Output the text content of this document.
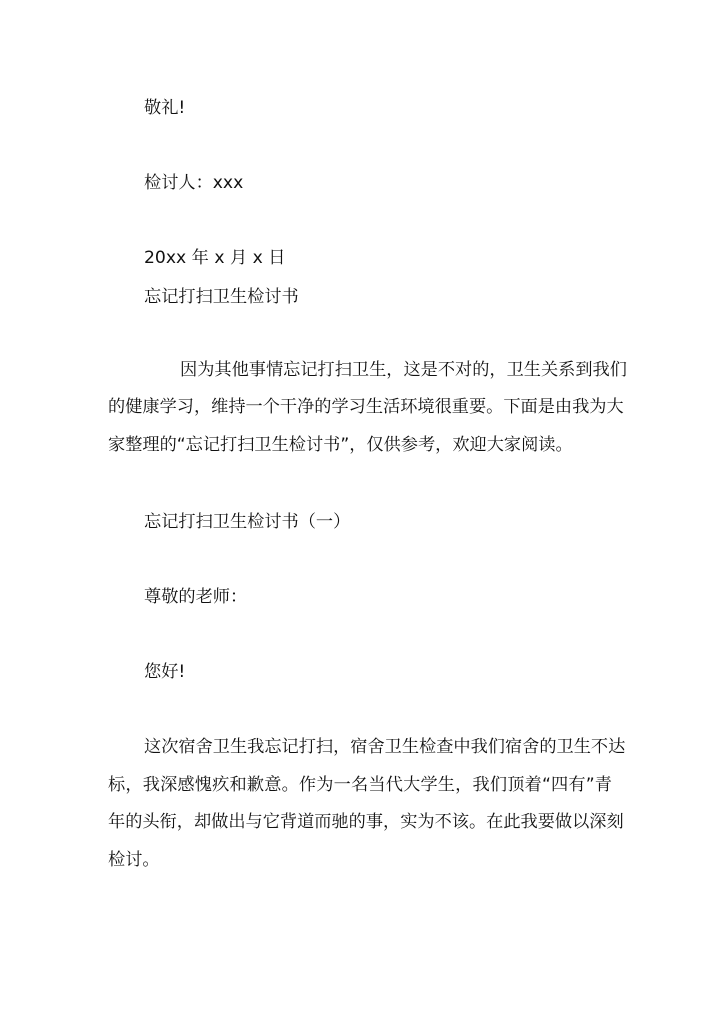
敬礼!
检讨人：xxx
20xx 年 x 月 x 日
忘记打扫卫生检讨书
因为其他事情忘记打扫卫生，这是不对的，卫生关系到我们
的健康学习，维持一个干净的学习生活环境很重要。下面是由我为大
家整理的“忘记打扫卫生检讨书”，仅供参考，欢迎大家阅读。
忘记打扫卫生检讨书（一）
尊敬的老师：
您好!
这次宿舍卫生我忘记打扫，宿舍卫生检查中我们宿舍的卫生不达
标，我深感愧疚和歉意。作为一名当代大学生，我们顶着“四有”青
年的头衔，却做出与它背道而驰的事，实为不该。在此我要做以深刻
检讨。
